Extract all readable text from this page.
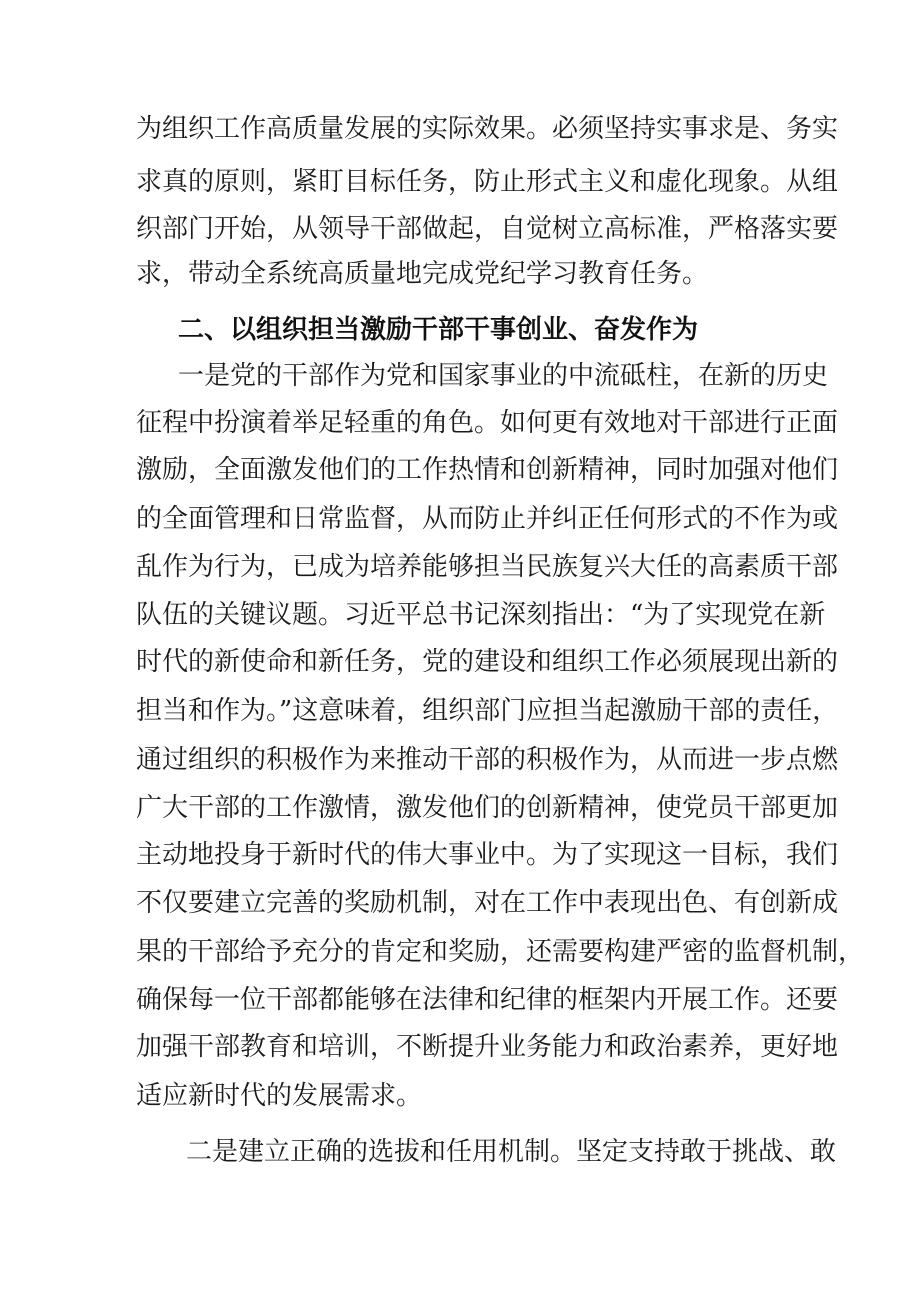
为组织工作高质量发展的实际效果。必须坚持实事求是、务实

求真的原则，紧盯目标任务，防止形式主义和虚化现象。从组

织部门开始，从领导干部做起，自觉树立高标准，严格落实要

求，带动全系统高质量地完成党纪学习教育任务。

二、以组织担当激励干部干事创业、奋发作为

一是党的干部作为党和国家事业的中流砥柱，在新的历史

征程中扮演着举足轻重的角色。如何更有效地对干部进行正面

激励，全面激发他们的工作热情和创新精神，同时加强对他们

的全面管理和日常监督，从而防止并纠正任何形式的不作为或

乱作为行为，已成为培养能够担当民族复兴大任的高素质干部

队伍的关键议题。习近平总书记深刻指出：“为了实现党在新

时代的新使命和新任务，党的建设和组织工作必须展现出新的

担当和作为。”这意味着，组织部门应担当起激励干部的责任，

通过组织的积极作为来推动干部的积极作为，从而进一步点燃

广大干部的工作激情，激发他们的创新精神，使党员干部更加

主动地投身于新时代的伟大事业中。为了实现这一目标，我们

不仅要建立完善的奖励机制，对在工作中表现出色、有创新成

果的干部给予充分的肯定和奖励，还需要构建严密的监督机制，

确保每一位干部都能够在法律和纪律的框架内开展工作。还要

加强干部教育和培训，不断提升业务能力和政治素养，更好地

适应新时代的发展需求。

二是建立正确的选拔和任用机制。坚定支持敢于挑战、敢
